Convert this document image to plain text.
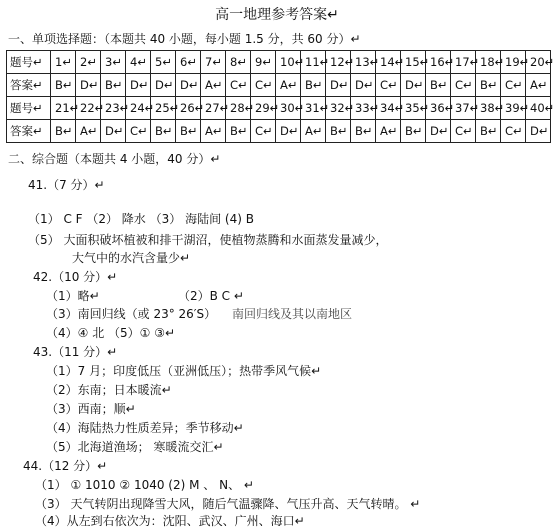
高一地理参考答案↵
一、单项选择题：（本题共 40 小题，每小题 1.5 分，共 60 分）↵
题号↵	1↵	2↵	3↵	4↵	5↵	6↵	7↵	8↵	9↵	10↵	11↵	12↵	13↵	14↵	15↵	16↵	17↵	18↵	19↵	20↵
答案↵	B↵	D↵	B↵	D↵	D↵	D↵	A↵	C↵	C↵	A↵	B↵	D↵	D↵	C↵	D↵	B↵	C↵	B↵	C↵	A↵
题号↵	21↵	22↵	23↵	24↵	25↵	26↵	27↵	28↵	29↵	30↵	31↵	32↵	33↵	34↵	35↵	36↵	37↵	38↵	39↵	40↵
答案↵	B↵	A↵	D↵	C↵	B↵	B↵	A↵	B↵	C↵	D↵	A↵	B↵	B↵	A↵	B↵	D↵	C↵	B↵	C↵	D↵
二、综合题（本题共 4 小题，40 分）↵
41.（7 分）↵
（1） C F （2） 降水 （3） 海陆间 (4) B
（5） 大面积破坏植被和排干湖沼，使植物蒸腾和水面蒸发量减少，
大气中的水汽含量少↵
42.（10 分）↵
（1）略↵	（2）B C ↵
（3）南回归线（或 23° 26′S） 南回归线及其以南地区
（4）④ 北 （5）① ③↵
43.（11 分）↵
（1）7 月；印度低压（亚洲低压）；热带季风气候↵
（2）东南；日本暖流↵
（3）西南；顺↵
（4）海陆热力性质差异；季节移动↵
（5）北海道渔场； 寒暖流交汇↵
44.（12 分）↵
（1） ① 1010 ② 1040 (2) M 、 N、 ↵
（3） 天气转阴出现降雪大风，随后气温骤降、气压升高、天气转晴。 ↵
（4）从左到右依次为：沈阳、武汉、广州、海口↵
